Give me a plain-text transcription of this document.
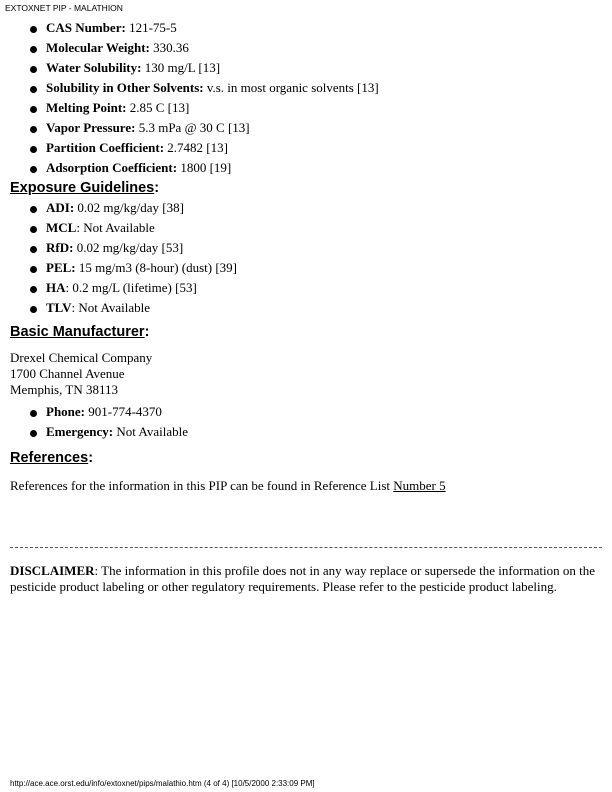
EXTOXNET PIP - MALATHION
CAS Number: 121-75-5
Molecular Weight: 330.36
Water Solubility: 130 mg/L [13]
Solubility in Other Solvents: v.s. in most organic solvents [13]
Melting Point: 2.85 C [13]
Vapor Pressure: 5.3 mPa @ 30 C [13]
Partition Coefficient: 2.7482 [13]
Adsorption Coefficient: 1800 [19]
Exposure Guidelines:
ADI: 0.02 mg/kg/day [38]
MCL: Not Available
RfD: 0.02 mg/kg/day [53]
PEL: 15 mg/m3 (8-hour) (dust) [39]
HA: 0.2 mg/L (lifetime) [53]
TLV: Not Available
Basic Manufacturer:
Drexel Chemical Company
1700 Channel Avenue
Memphis, TN 38113
Phone: 901-774-4370
Emergency: Not Available
References:
References for the information in this PIP can be found in Reference List Number 5
DISCLAIMER: The information in this profile does not in any way replace or supersede the information on the pesticide product labeling or other regulatory requirements. Please refer to the pesticide product labeling.
http://ace.ace.orst.edu/info/extoxnet/pips/malathio.htm (4 of 4) [10/5/2000 2:33:09 PM]
